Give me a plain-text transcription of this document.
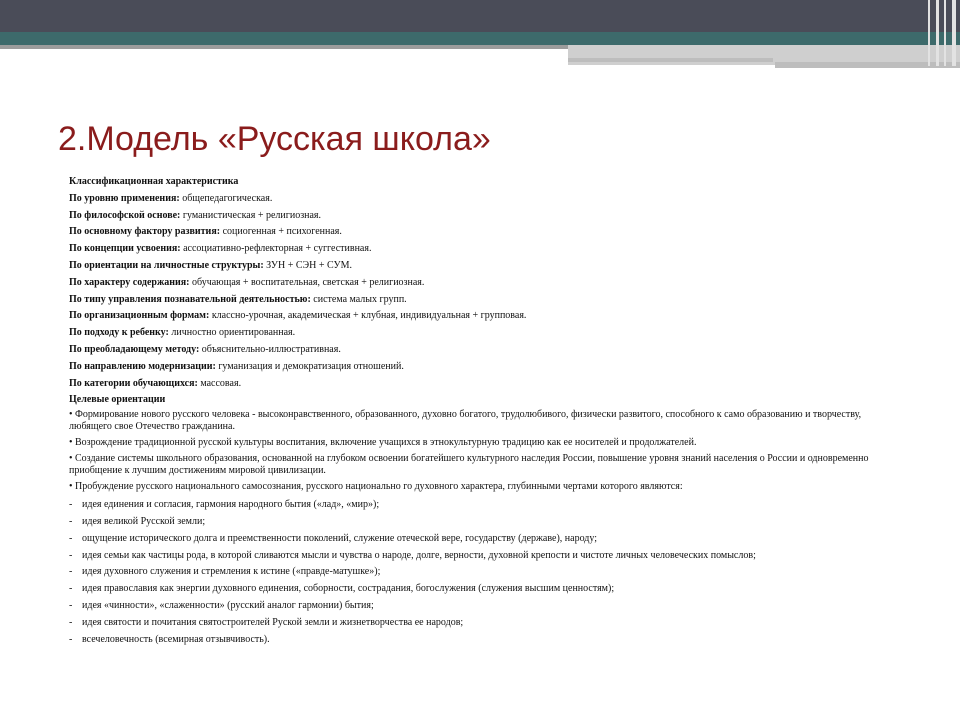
2.Модель «Русская школа»
Классификационная характеристика
По уровню применения: общепедагогическая.
По философской основе: гуманистическая + религиозная.
По основному фактору развития: социогенная + психогенная.
По концепции усвоения: ассоциативно-рефлекторная + суггестивная.
По ориентации на личностные структуры: ЗУН + СЭН + СУМ.
По характеру содержания: обучающая + воспитательная, светская + религиозная.
По типу управления познавательной деятельностью: система малых групп.
По организационным формам: классно-урочная, академическая + клубная, индивидуальная + групповая.
По подходу к ребенку: личностно ориентированная.
По преобладающему методу: объяснительно-иллюстративная.
По направлению модернизации: гуманизация и демократизация отношений.
По категории обучающихся: массовая.
Целевые ориентации
• Формирование нового русского человека - высоконравственного, образованного, духовно богатого, трудолюбивого, физически развитого, способного к само образованию и творчеству, любящего свое Отечество гражданина.
• Возрождение традиционной русской культуры воспитания, включение учащихся в этнокультурную традицию как ее носителей и продолжателей.
• Создание системы школьного образования, основанной на глубоком освоении богатейшего культурного наследия России, повышение уровня знаний населения о России и одновременно приобщение к лучшим достижениям мировой цивилизации.
• Пробуждение русского национального самосознания, русского национально го духовного характера, глубинными чертами которого являются:
- идея единения и согласия, гармония народного бытия («лад», «мир»);
- идея великой Русской земли;
- ощущение исторического долга и преемственности поколений, служение отеческой вере, государству (державе), народу;
- идея семьи как частицы рода, в которой сливаются мысли и чувства о народе, долге, верности, духовной крепости и чистоте личных человеческих помыслов;
- идея духовного служения и стремления к истине («правде-матушке»);
- идея православия как энергии духовного единения, соборности, сострадания, богослужения (служения высшим ценностям);
- идея «чинности», «слаженности» (русский аналог гармонии) бытия;
- идея святости и почитания святостроителей Руской земли и жизнетворчества ее народов;
- всечеловечность (всемирная отзывчивость).
